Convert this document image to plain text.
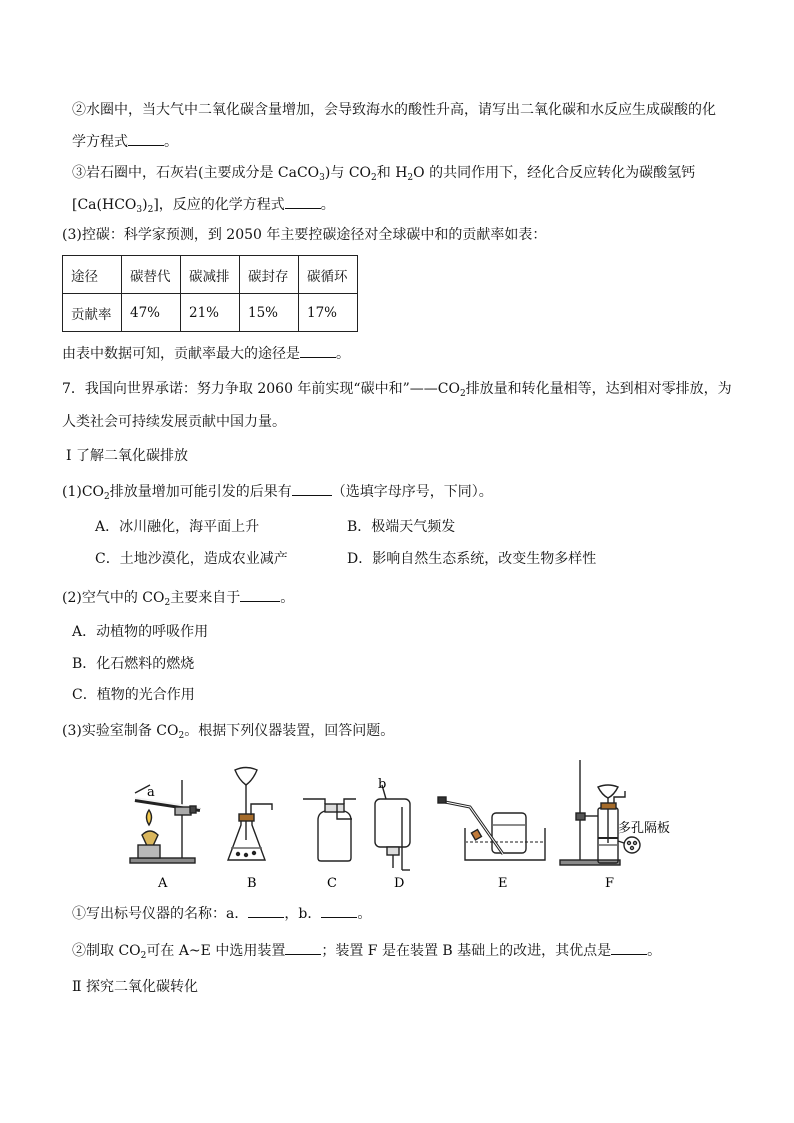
②水圈中，当大气中二氧化碳含量增加，会导致海水的酸性升高，请写出二氧化碳和水反应生成碳酸的化
学方程式	。
③岩石圈中，石灰岩(主要成分是 CaCO$_3$)与 $CO_2$和 $H_2O$ 的共同作用下，经化合反应转化为碳酸氢钙
$[Ca(HCO_3)_2]$，反应的化学方程式	。
(3)控碳：科学家预测，到 2050 年主要控碳途径对全球碳中和的贡献率如表：
途径	碳替代	碳减排	碳封存	碳循环
贡献率	47%	21%	15%	17%
由表中数据可知，贡献率最大的途径是	。
7．我国向世界承诺：努力争取 2060 年前实现“碳中和$”——CO_2$排放量和转化量相等，达到相对零排放，为
人类社会可持续发展贡献中国力量。
Ⅰ 了解二氧化碳排放
$(1)CO_2$排放量增加可能引发的后果有	（选填字母序号，下同）。
A．冰川融化，海平面上升	B．极端天气频发
C．土地沙漠化，造成农业减产	D．影响自然生态系统，改变生物多样性
(2)空气中的 $CO_2$主要来自于	。
A．动植物的呼吸作用
B．化石燃料的燃烧
C．植物的光合作用
(3)实验室制备 $CO_2$。根据下列仪器装置，回答问题。
a
b
多孔隔板
A	B	C	D	E	F
①写出标号仪器的名称：a．	，b．	。
②制取 $CO_2$可在 A~E 中选用装置	；装置 F 是在装置 B 基础上的改进，其优点是	。
Ⅱ 探究二氧化碳转化
